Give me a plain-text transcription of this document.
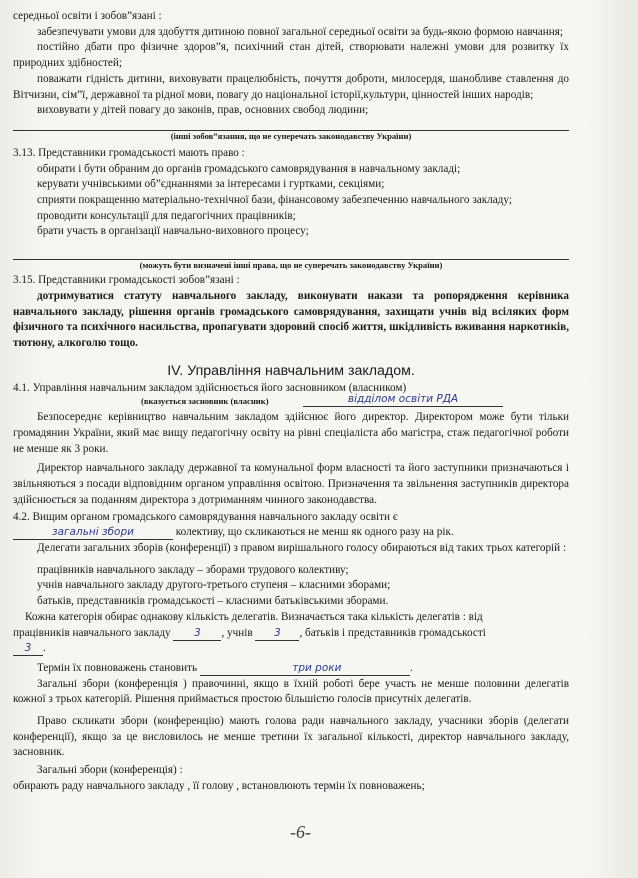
середньої освіти і зобов”язані :

забезпечувати умови для здобуття дитиною повної загальної середньої освіти за будь-якою формою навчання;

постійно дбати про фізичне здоров”я, психічний стан дітей, створювати належні умови для розвитку їх природних здібностей;

поважати гідність дитини, виховувати працелюбність, почуття доброти, милосердя, шанобливе ставлення до Вітчизни, сім”ї, державної та рідної мови, повагу до національної історії,культури, цінностей інших народів;

виховувати у дітей повагу до законів, прав, основних свобод людини;

(інші зобов”язання, що не суперечать законодавству України)

3.13. Представники громадськості мають право :

обирати і бути обраним до органів громадського самоврядування в навчальному закладі;

керувати учнівськими об”єднаннями за інтересами і гуртками, секціями;

сприяти покращенню матеріально-технічної бази, фінансовому забезпеченню навчального закладу;

проводити консультації для педагогічних працівників;

брати участь в організації навчально-виховного процесу;

(можуть бути визначені інші права, що не суперечать законодавству України)

3.15. Представники громадськості зобов”язані :

дотримуватися статуту навчального закладу, виконувати накази та ропорядження керівника навчального закладу, рішення органів громадського самоврядування, захищати учнів від всіляких форм фізичного та психічного насильства, пропагувати здоровий спосіб життя, шкідливість вживання наркотиків, тютюну, алкоголю тощо.

IV. Управління навчальним закладом.

4.1. Управління навчальним закладом здійснюється його засновником (власником)

(вказується засновник (власник)	відділом освіти РДА

Безпосереднє керівництво навчальним закладом здійснює його директор. Директором може бути тільки громадянин України, який має вищу педагогічну освіту на рівні спеціаліста або магістра, стаж педагогічної роботи не менше як 3 роки.

Директор навчального закладу державної та комунальної форм власності та його заступники призначаються і звільняються з посади відповідним органом управління освітою. Призначення та звільнення заступників директора здійснюється за поданням директора з дотриманням чинного законодавства.

4.2. Вищим органом громадського самоврядування навчального закладу освіти є

загальні збори	колективу, що скликаються не менш як одного разу на рік.

Делегати загальних зборів (конференції) з правом вирішального голосу обираються від таких трьох категорій :

працівників навчального закладу – зборами трудового колективу;

учнів навчального закладу другого-третього ступеня – класними зборами;

батьків, представників громадськості – класними батьківськими зборами.

Кожна категорія обирає однакову кількість делегатів. Визначається така кількість делегатів : від

працівників навчального закладу 3 , учнів 3 , батьків і представників громадськості

3 .

Термін їх повноважень становить	три роки	.

Загальні збори (конференція ) правочинні, якщо в їхній роботі бере участь не менше половини делегатів кожної з трьох категорій. Рішення приймається простою більшістю голосів присутніх делегатів.

Право скликати збори (конференцію) мають голова ради навчального закладу, учасники зборів (делегати конференції), якщо за це висловилось не менше третини їх загальної кількості, директор навчального закладу, засновник.

Загальні збори (конференція) :

обирають раду навчального закладу , її голову , встановлюють термін їх повноважень;

-6-
